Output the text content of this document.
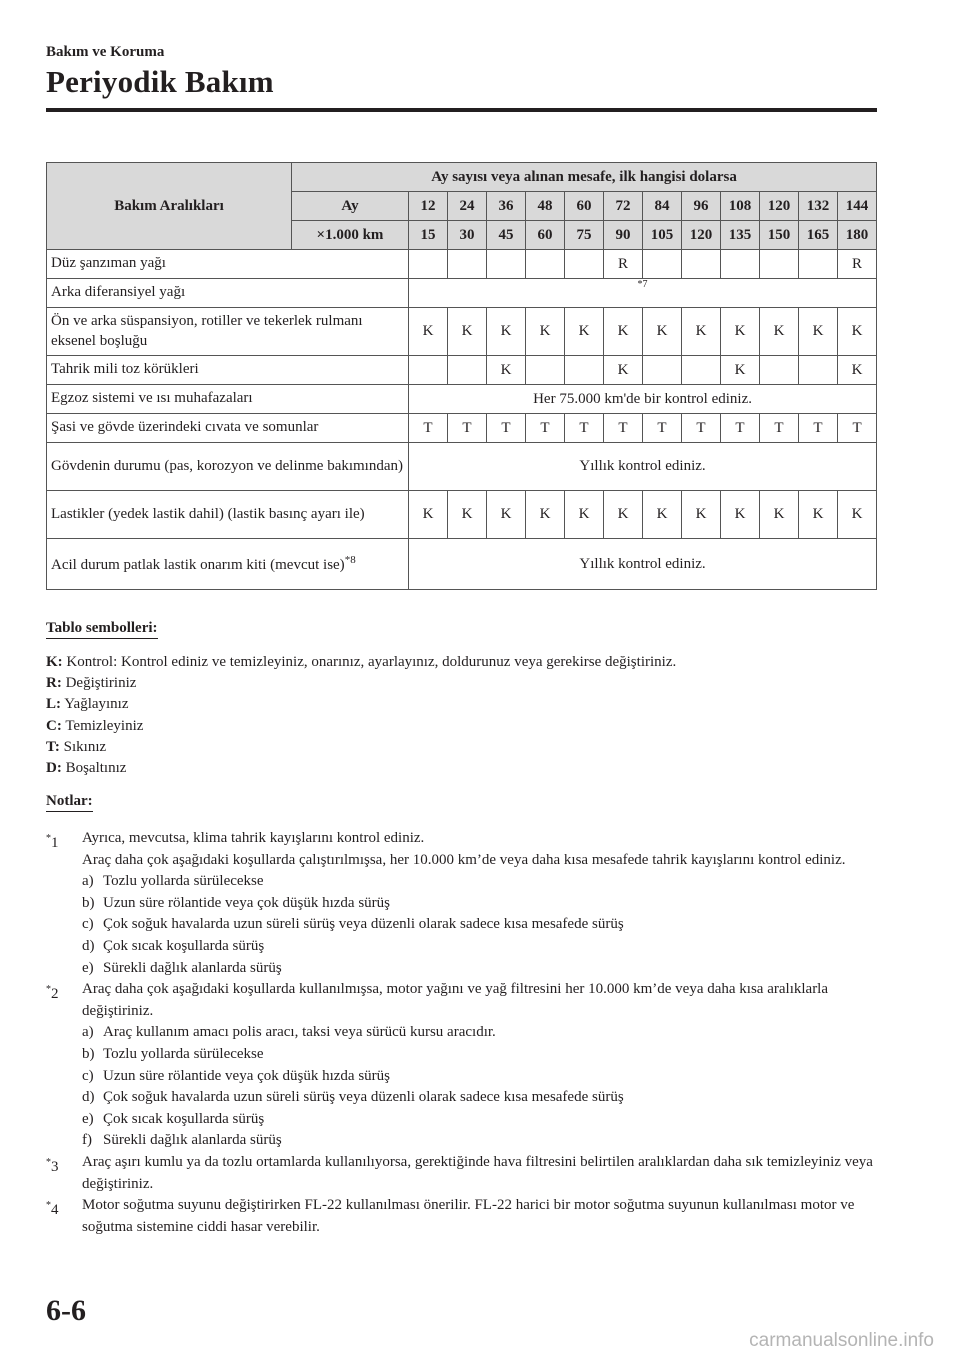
Bakım ve Koruma
Periyodik Bakım
Bakım Aralıkları	Ay sayısı veya alınan mesafe, ilk hangisi dolarsa												
	Ay	12	24	36	48	60	72	84	96	108	120	132	144
	×1.000 km	15	30	45	60	75	90	105	120	135	150	165	180
Düz şanzıman yağı							R						R
Arka diferansiyel yağı		$^{*7}$
Ön ve arka süspansiyon, rotiller ve tekerlek rulmanı eksenel boşluğu		K	K	K	K	K	K	K	K	K	K	K	K
Tahrik mili toz körükleri				K			K			K			K
Egzoz sistemi ve ısı muhafazaları		Her 75.000 km'de bir kontrol ediniz.											
Şasi ve gövde üzerindeki cıvata ve somunlar		T	T	T	T	T	T	T	T	T	T	T	T
Gövdenin durumu (pas, korozyon ve delinme bakımından)		Yıllık kontrol ediniz.											
Lastikler (yedek lastik dahil) (lastik basınç ayarı ile)		K	K	K	K	K	K	K	K	K	K	K	K
Acil durum patlak lastik onarım kiti (mevcut ise)$^{*8}$		Yıllık kontrol ediniz.											
Tablo sembolleri:
K: Kontrol: Kontrol ediniz ve temizleyiniz, onarınız, ayarlayınız, doldurunuz veya gerekirse değiştiriniz.
R: Değiştiriniz
L: Yağlayınız
C: Temizleyiniz
T: Sıkınız
D: Boşaltınız
Notlar:
*1 Ayrıca, mevcutsa, klima tahrik kayışlarını kontrol ediniz.
Araç daha çok aşağıdaki koşullarda çalıştırılmışsa, her 10.000 km’de veya daha kısa mesafede tahrik kayışlarını kontrol ediniz.
a) Tozlu yollarda sürülecekse
b) Uzun süre rölantide veya çok düşük hızda sürüş
c) Çok soğuk havalarda uzun süreli sürüş veya düzenli olarak sadece kısa mesafede sürüş
d) Çok sıcak koşullarda sürüş
e) Sürekli dağlık alanlarda sürüş
*2 Araç daha çok aşağıdaki koşullarda kullanılmışsa, motor yağını ve yağ filtresini her 10.000 km’de veya daha kısa aralıklarla değiştiriniz.
a) Araç kullanım amacı polis aracı, taksi veya sürücü kursu aracıdır.
b) Tozlu yollarda sürülecekse
c) Uzun süre rölantide veya çok düşük hızda sürüş
d) Çok soğuk havalarda uzun süreli sürüş veya düzenli olarak sadece kısa mesafede sürüş
e) Çok sıcak koşullarda sürüş
f) Sürekli dağlık alanlarda sürüş
*3 Araç aşırı kumlu ya da tozlu ortamlarda kullanılıyorsa, gerektiğinde hava filtresini belirtilen aralıklardan daha sık temizleyiniz veya değiştiriniz.
*4 Motor soğutma suyunu değiştirirken FL-22 kullanılması önerilir. FL-22 harici bir motor soğutma suyunun kullanılması motor ve soğutma sistemine ciddi hasar verebilir.
6-6
carmanualsonline.info
